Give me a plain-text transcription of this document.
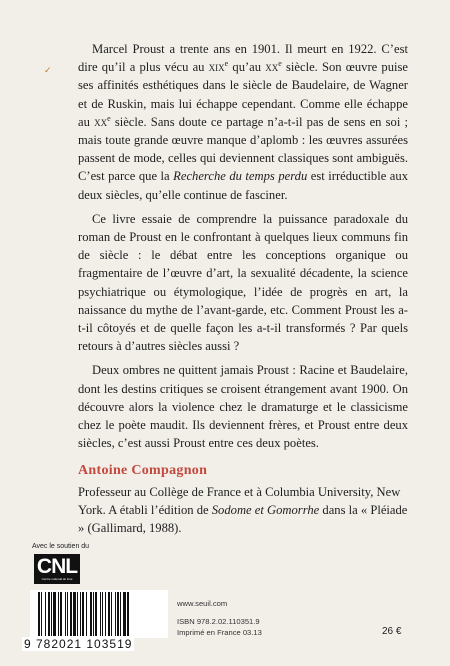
Marcel Proust a trente ans en 1901. Il meurt en 1922. C’est dire qu’il a plus vécu au xix$^e$ qu’au $xx^e$ siècle. Son œuvre puise ses affinités esthétiques dans le siècle de Baudelaire, de Wagner et de Ruskin, mais lui échappe cependant. Comme elle échappe au $xx^e$ siècle. Sans doute ce partage n’a-t-il pas de sens en soi ; mais toute grande œuvre manque d’aplomb : les œuvres assurées passent de mode, celles qui deviennent classiques sont ambiguës. C’est parce que la Recherche du temps perdu est irréductible aux deux siècles, qu’elle continue de fasciner.

Ce livre essaie de comprendre la puissance paradoxale du roman de Proust en le confrontant à quelques lieux communs fin de siècle : le débat entre les conceptions organique ou fragmentaire de l’œuvre d’art, la sexualité décadente, la science psychiatrique ou étymologique, l’idée de progrès en art, la naissance du mythe de l’avant-garde, etc. Comment Proust les a-t-il côtoyés et de quelle façon les a-t-il transformés ? Par quels retours à d’autres siècles aussi ?

Deux ombres ne quittent jamais Proust : Racine et Baudelaire, dont les destins critiques se croisent étrangement avant 1900. On découvre alors la violence chez le dramaturge et le classicisme chez le poète maudit. Ils deviennent frères, et Proust entre deux siècles, c’est aussi Proust entre ces deux poètes.

Antoine Compagnon

Professeur au Collège de France et à Columbia University, New York. A établi l’édition de Sodome et Gomorrhe dans la « Pléiade » (Gallimard, 1988).

✓
Avec le soutien du
CNL
Centre national du livre
9 782021 103519
www.seuil.com
ISBN 978.2.02.110351.9
Imprimé en France 03.13	26 €
